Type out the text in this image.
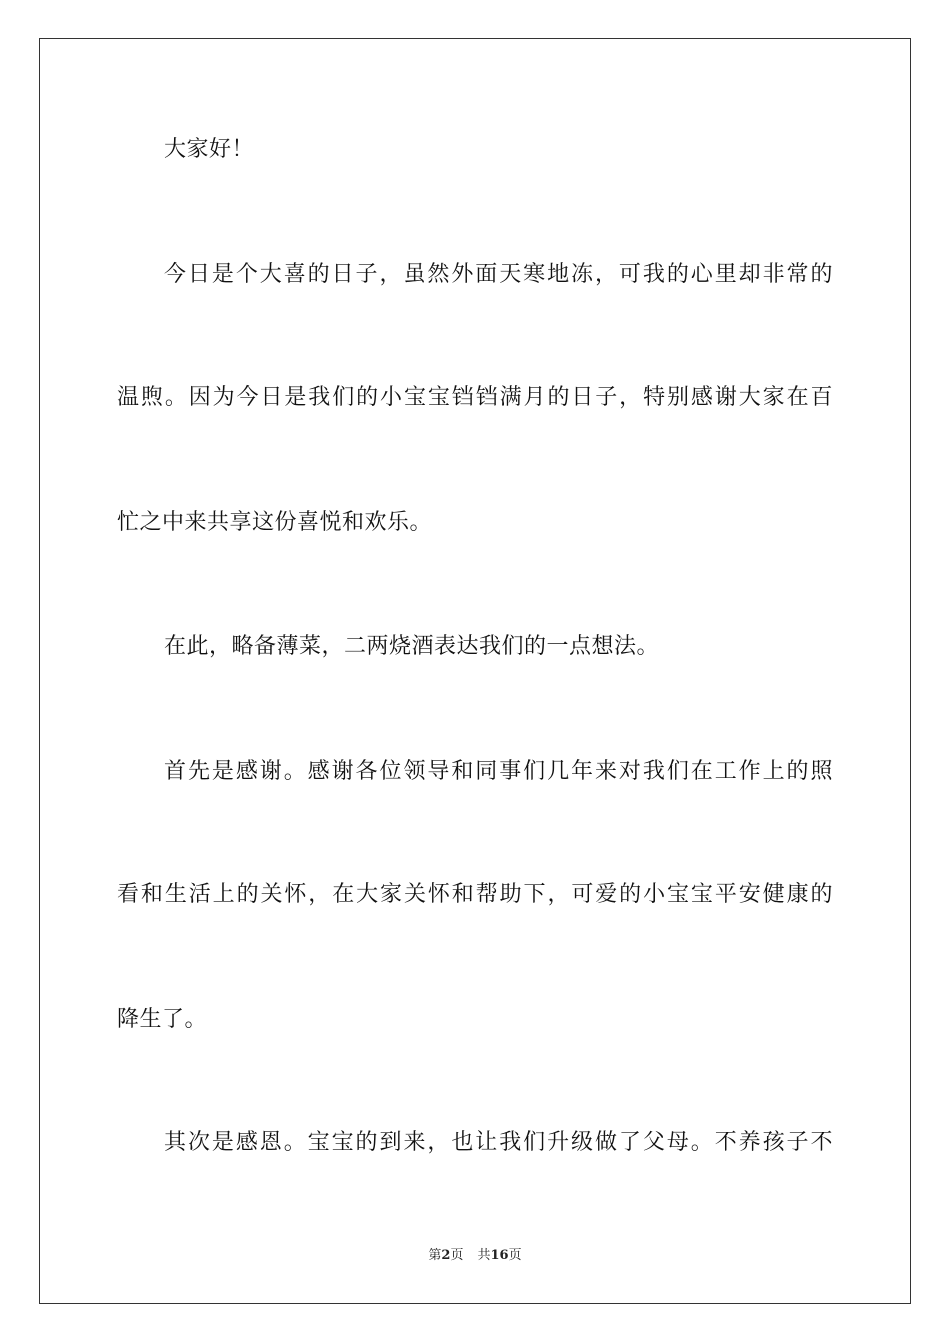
大家好！
今日是个大喜的日子，虽然外面天寒地冻，可我的心里却非常的
温煦。因为今日是我们的小宝宝铛铛满月的日子，特别感谢大家在百
忙之中来共享这份喜悦和欢乐。
在此，略备薄菜，二两烧酒表达我们的一点想法。
首先是感谢。感谢各位领导和同事们几年来对我们在工作上的照
看和生活上的关怀，在大家关怀和帮助下，可爱的小宝宝平安健康的
降生了。
其次是感恩。宝宝的到来，也让我们升级做了父母。不养孩子不
第2页 共16页
